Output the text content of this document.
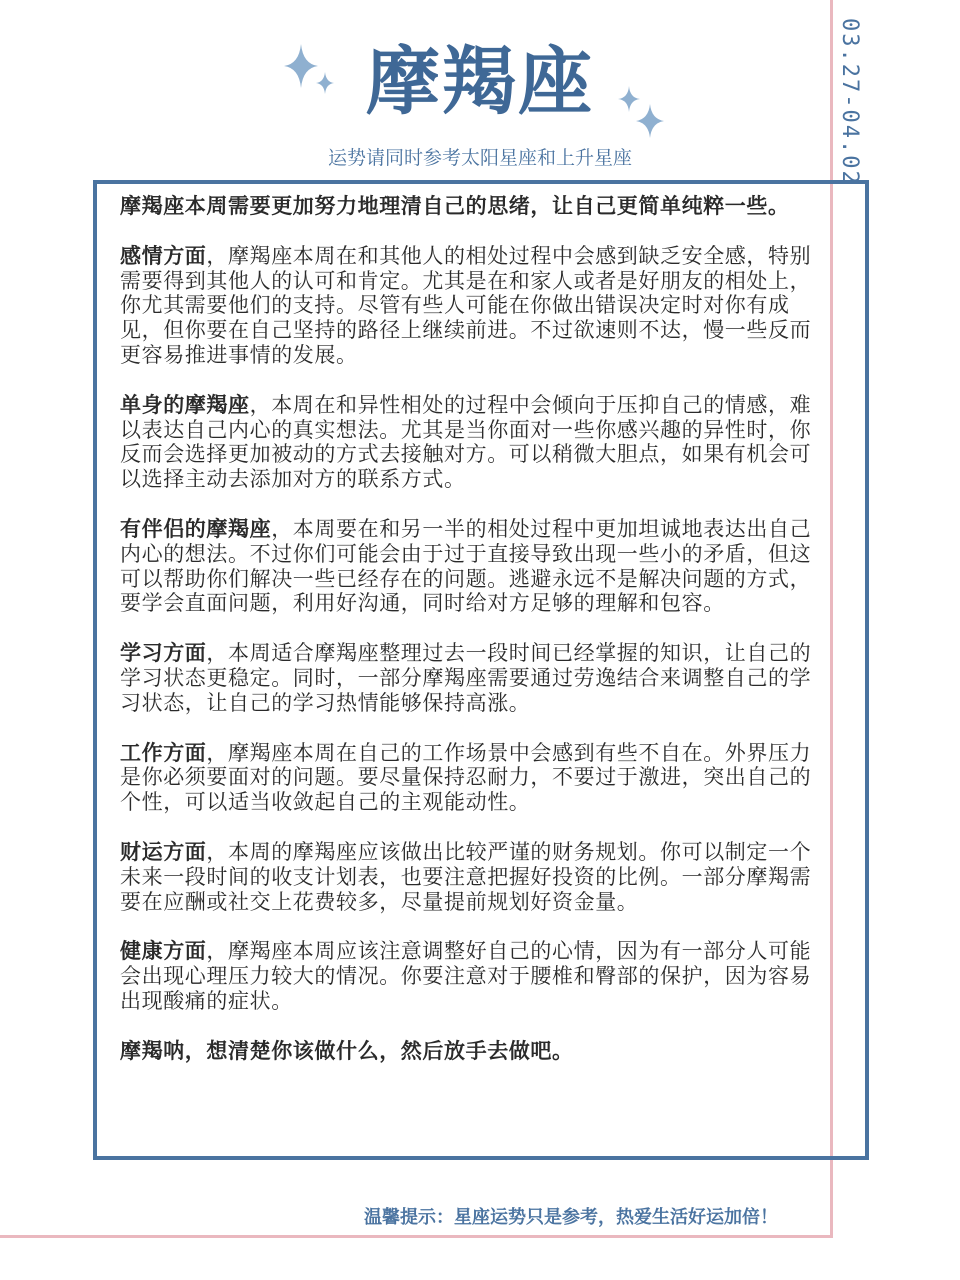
03.27-04.02
摩羯座
运势请同时参考太阳星座和上升星座

摩羯座本周需要更加努力地理清自己的思绪，让自己更简单纯粹一些。

感情方面，摩羯座本周在和其他人的相处过程中会感到缺乏安全感，特别需要得到其他人的认可和肯定。尤其是在和家人或者是好朋友的相处上，你尤其需要他们的支持。尽管有些人可能在你做出错误决定时对你有成见，但你要在自己坚持的路径上继续前进。不过欲速则不达，慢一些反而更容易推进事情的发展。

单身的摩羯座，本周在和异性相处的过程中会倾向于压抑自己的情感，难以表达自己内心的真实想法。尤其是当你面对一些你感兴趣的异性时，你反而会选择更加被动的方式去接触对方。可以稍微大胆点，如果有机会可以选择主动去添加对方的联系方式。

有伴侣的摩羯座，本周要在和另一半的相处过程中更加坦诚地表达出自己内心的想法。不过你们可能会由于过于直接导致出现一些小的矛盾，但这可以帮助你们解决一些已经存在的问题。逃避永远不是解决问题的方式，要学会直面问题，利用好沟通，同时给对方足够的理解和包容。

学习方面，本周适合摩羯座整理过去一段时间已经掌握的知识，让自己的学习状态更稳定。同时，一部分摩羯座需要通过劳逸结合来调整自己的学习状态，让自己的学习热情能够保持高涨。

工作方面，摩羯座本周在自己的工作场景中会感到有些不自在。外界压力是你必须要面对的问题。要尽量保持忍耐力，不要过于激进，突出自己的个性，可以适当收敛起自己的主观能动性。

财运方面，本周的摩羯座应该做出比较严谨的财务规划。你可以制定一个未来一段时间的收支计划表，也要注意把握好投资的比例。一部分摩羯需要在应酬或社交上花费较多，尽量提前规划好资金量。

健康方面，摩羯座本周应该注意调整好自己的心情，因为有一部分人可能会出现心理压力较大的情况。你要注意对于腰椎和臀部的保护，因为容易出现酸痛的症状。

摩羯呐，想清楚你该做什么，然后放手去做吧。

温馨提示：星座运势只是参考，热爱生活好运加倍！
